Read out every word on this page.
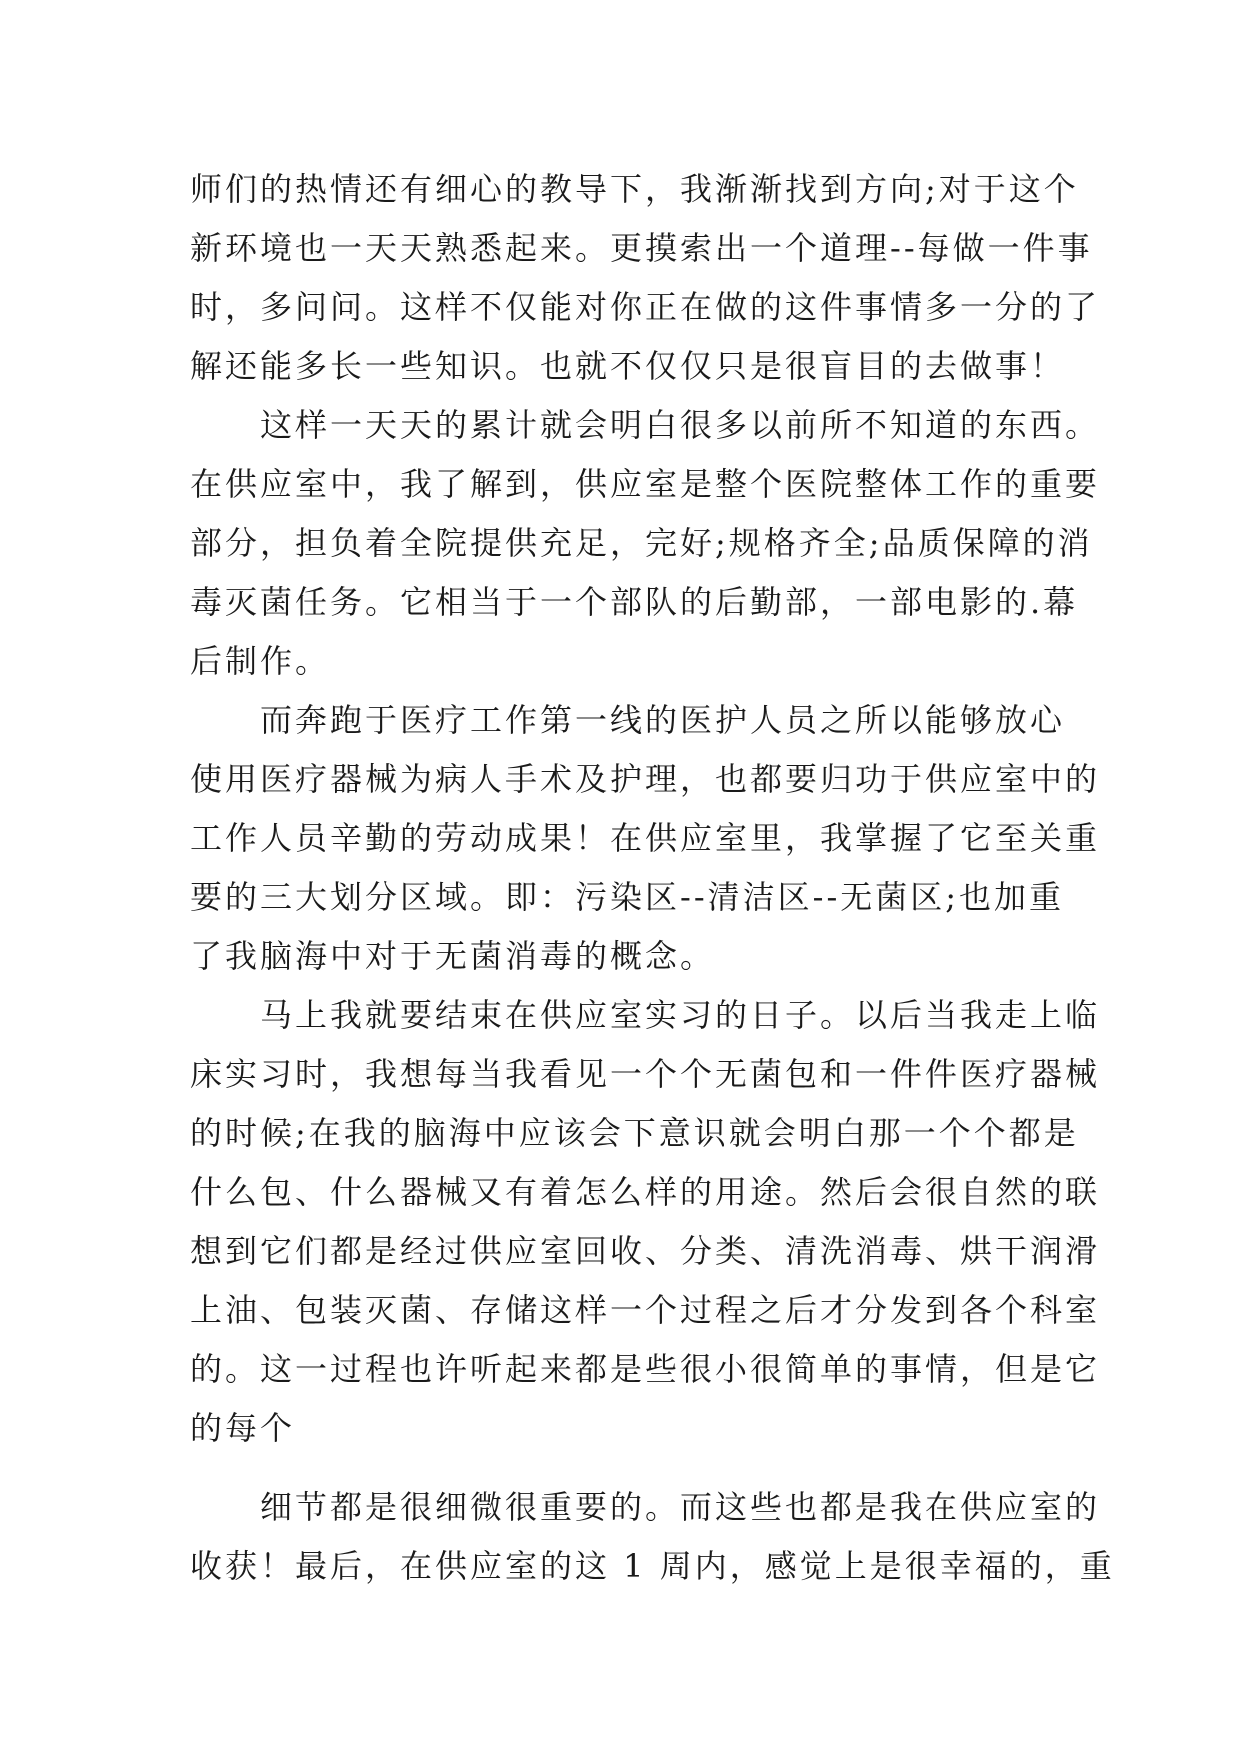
师们的热情还有细心的教导下，我渐渐找到方向;对于这个
新环境也一天天熟悉起来。更摸索出一个道理--每做一件事
时，多问问。这样不仅能对你正在做的这件事情多一分的了
解还能多长一些知识。也就不仅仅只是很盲目的去做事！
这样一天天的累计就会明白很多以前所不知道的东西。
在供应室中，我了解到，供应室是整个医院整体工作的重要
部分，担负着全院提供充足，完好;规格齐全;品质保障的消
毒灭菌任务。它相当于一个部队的后勤部，一部电影的.幕
后制作。
而奔跑于医疗工作第一线的医护人员之所以能够放心
使用医疗器械为病人手术及护理，也都要归功于供应室中的
工作人员辛勤的劳动成果！在供应室里，我掌握了它至关重
要的三大划分区域。即：污染区--清洁区--无菌区;也加重
了我脑海中对于无菌消毒的概念。
马上我就要结束在供应室实习的日子。以后当我走上临
床实习时，我想每当我看见一个个无菌包和一件件医疗器械
的时候;在我的脑海中应该会下意识就会明白那一个个都是
什么包、什么器械又有着怎么样的用途。然后会很自然的联
想到它们都是经过供应室回收、分类、清洗消毒、烘干润滑
上油、包装灭菌、存储这样一个过程之后才分发到各个科室
的。这一过程也许听起来都是些很小很简单的事情，但是它
的每个
细节都是很细微很重要的。而这些也都是我在供应室的
收获！最后，在供应室的这 1 周内，感觉上是很幸福的，重
